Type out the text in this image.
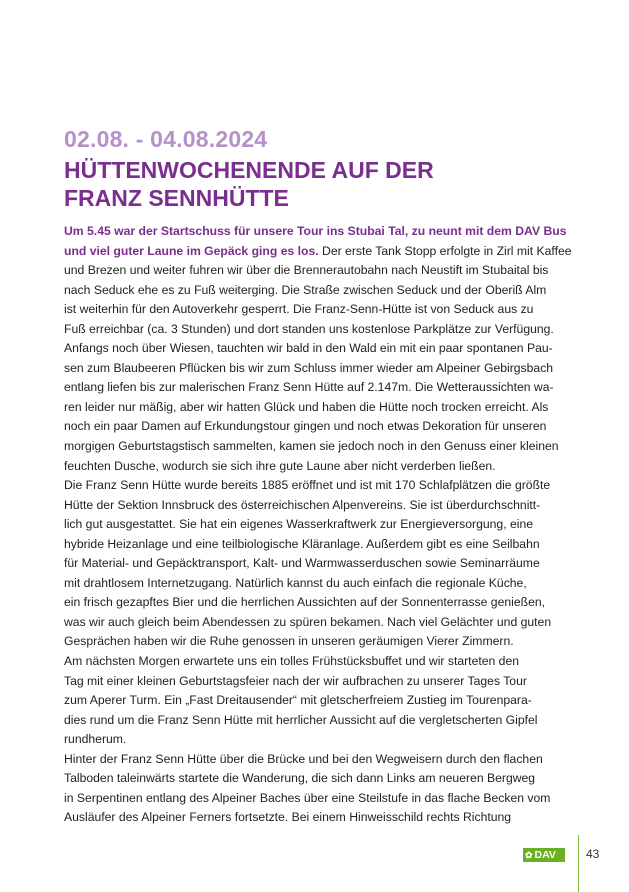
02.08. - 04.08.2024
HÜTTENWOCHENENDE AUF DER
FRANZ SENNHÜTTE
Um 5.45 war der Startschuss für unsere Tour ins Stubai Tal, zu neunt mit dem DAV Bus
und viel guter Laune im Gepäck ging es los. Der erste Tank Stopp erfolgte in Zirl mit Kaffee
und Brezen und weiter fuhren wir über die Brennerautobahn nach Neustift im Stubaital bis
nach Seduck ehe es zu Fuß weiterging. Die Straße zwischen Seduck und der Oberiß Alm
ist weiterhin für den Autoverkehr gesperrt. Die Franz-Senn-Hütte ist von Seduck aus zu
Fuß erreichbar (ca. 3 Stunden) und dort standen uns kostenlose Parkplätze zur Verfügung.
Anfangs noch über Wiesen, tauchten wir bald in den Wald ein mit ein paar spontanen Pau-
sen zum Blaubeeren Pflücken bis wir zum Schluss immer wieder am Alpeiner Gebirgsbach
entlang liefen bis zur malerischen Franz Senn Hütte auf 2.147m. Die Wetteraussichten wa-
ren leider nur mäßig, aber wir hatten Glück und haben die Hütte noch trocken erreicht. Als
noch ein paar Damen auf Erkundungstour gingen und noch etwas Dekoration für unseren
morgigen Geburtstagstisch sammelten, kamen sie jedoch noch in den Genuss einer kleinen
feuchten Dusche, wodurch sie sich ihre gute Laune aber nicht verderben ließen.
Die Franz Senn Hütte wurde bereits 1885 eröffnet und ist mit 170 Schlafplätzen die größte
Hütte der Sektion Innsbruck des österreichischen Alpenvereins. Sie ist überdurchschnitt-
lich gut ausgestattet. Sie hat ein eigenes Wasserkraftwerk zur Energieversorgung, eine
hybride Heizanlage und eine teilbiologische Kläranlage. Außerdem gibt es eine Seilbahn
für Material- und Gepäcktransport, Kalt- und Warmwasserduschen sowie Seminarräume
mit drahtlosem Internetzugang. Natürlich kannst du auch einfach die regionale Küche,
ein frisch gezapftes Bier und die herrlichen Aussichten auf der Sonnenterrasse genießen,
was wir auch gleich beim Abendessen zu spüren bekamen. Nach viel Gelächter und guten
Gesprächen haben wir die Ruhe genossen in unseren geräumigen Vierer Zimmern.
Am nächsten Morgen erwartete uns ein tolles Frühstücksbuffet und wir starteten den
Tag mit einer kleinen Geburtstagsfeier nach der wir aufbrachen zu unserer Tages Tour
zum Aperer Turm. Ein „Fast Dreitausender“ mit gletscherfreiem Zustieg im Tourenpara-
dies rund um die Franz Senn Hütte mit herrlicher Aussicht auf die vergletscherten Gipfel
rundherum.
Hinter der Franz Senn Hütte über die Brücke und bei den Wegweisern durch den flachen
Talboden taleinwärts startete die Wanderung, die sich dann Links am neueren Bergweg
in Serpentinen entlang des Alpeiner Baches über eine Steilstufe in das flache Becken vom
Ausläufer des Alpeiner Ferners fortsetzte. Bei einem Hinweisschild rechts Richtung
✿ DAV	43
